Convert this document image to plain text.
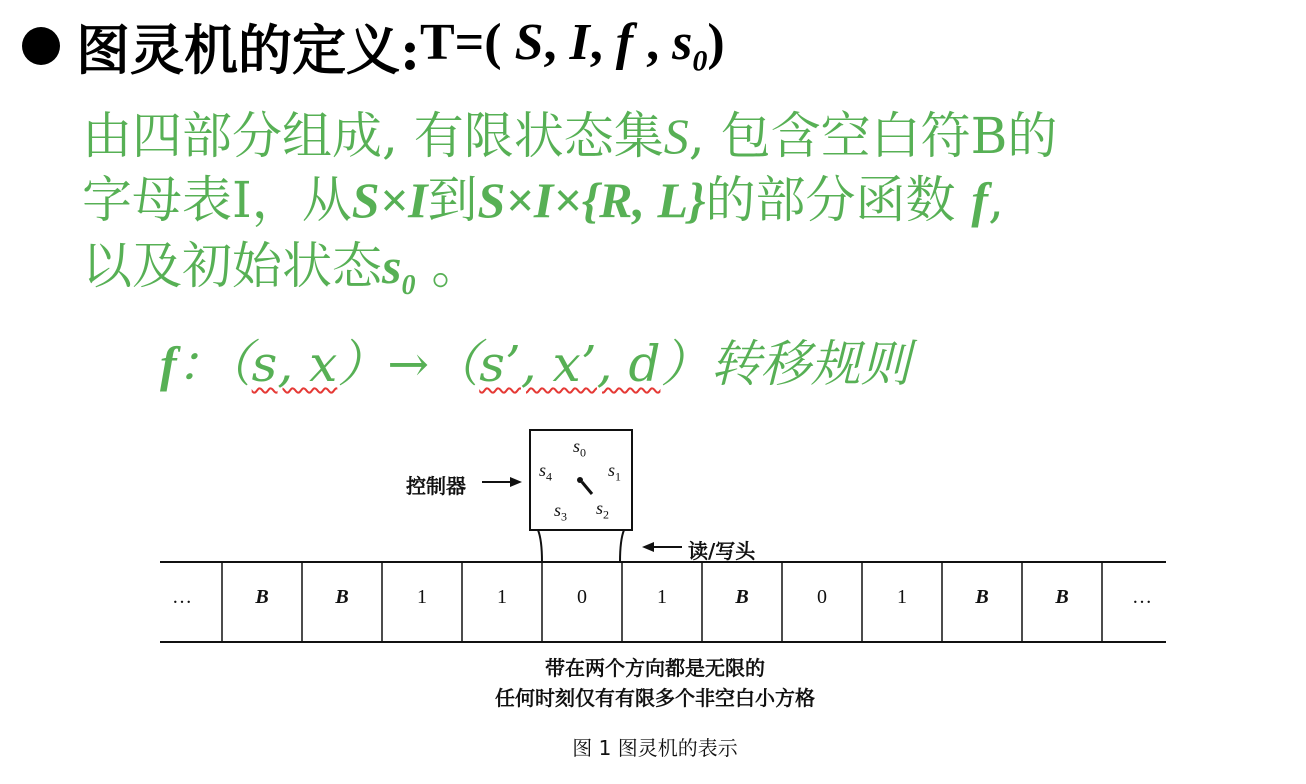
图灵机的定义: T=( S, I, f , $s_0$)
由四部分组成, 有限状态集S, 包含空白符B的
字母表I，从S×I到S×I×{R, L}的部分函数 f,
以及初始状态$s_0$ 。
f：（s, x）→（s’, x’, d）转移规则
$s_0$
$s_1$
$s_2$
$s_3$
$s_4$
控制器
读/写头
…	B	B	1	1	0	1	B	0	1	B	B	…
带在两个方向都是无限的
任何时刻仅有有限多个非空白小方格
图 1 图灵机的表示
